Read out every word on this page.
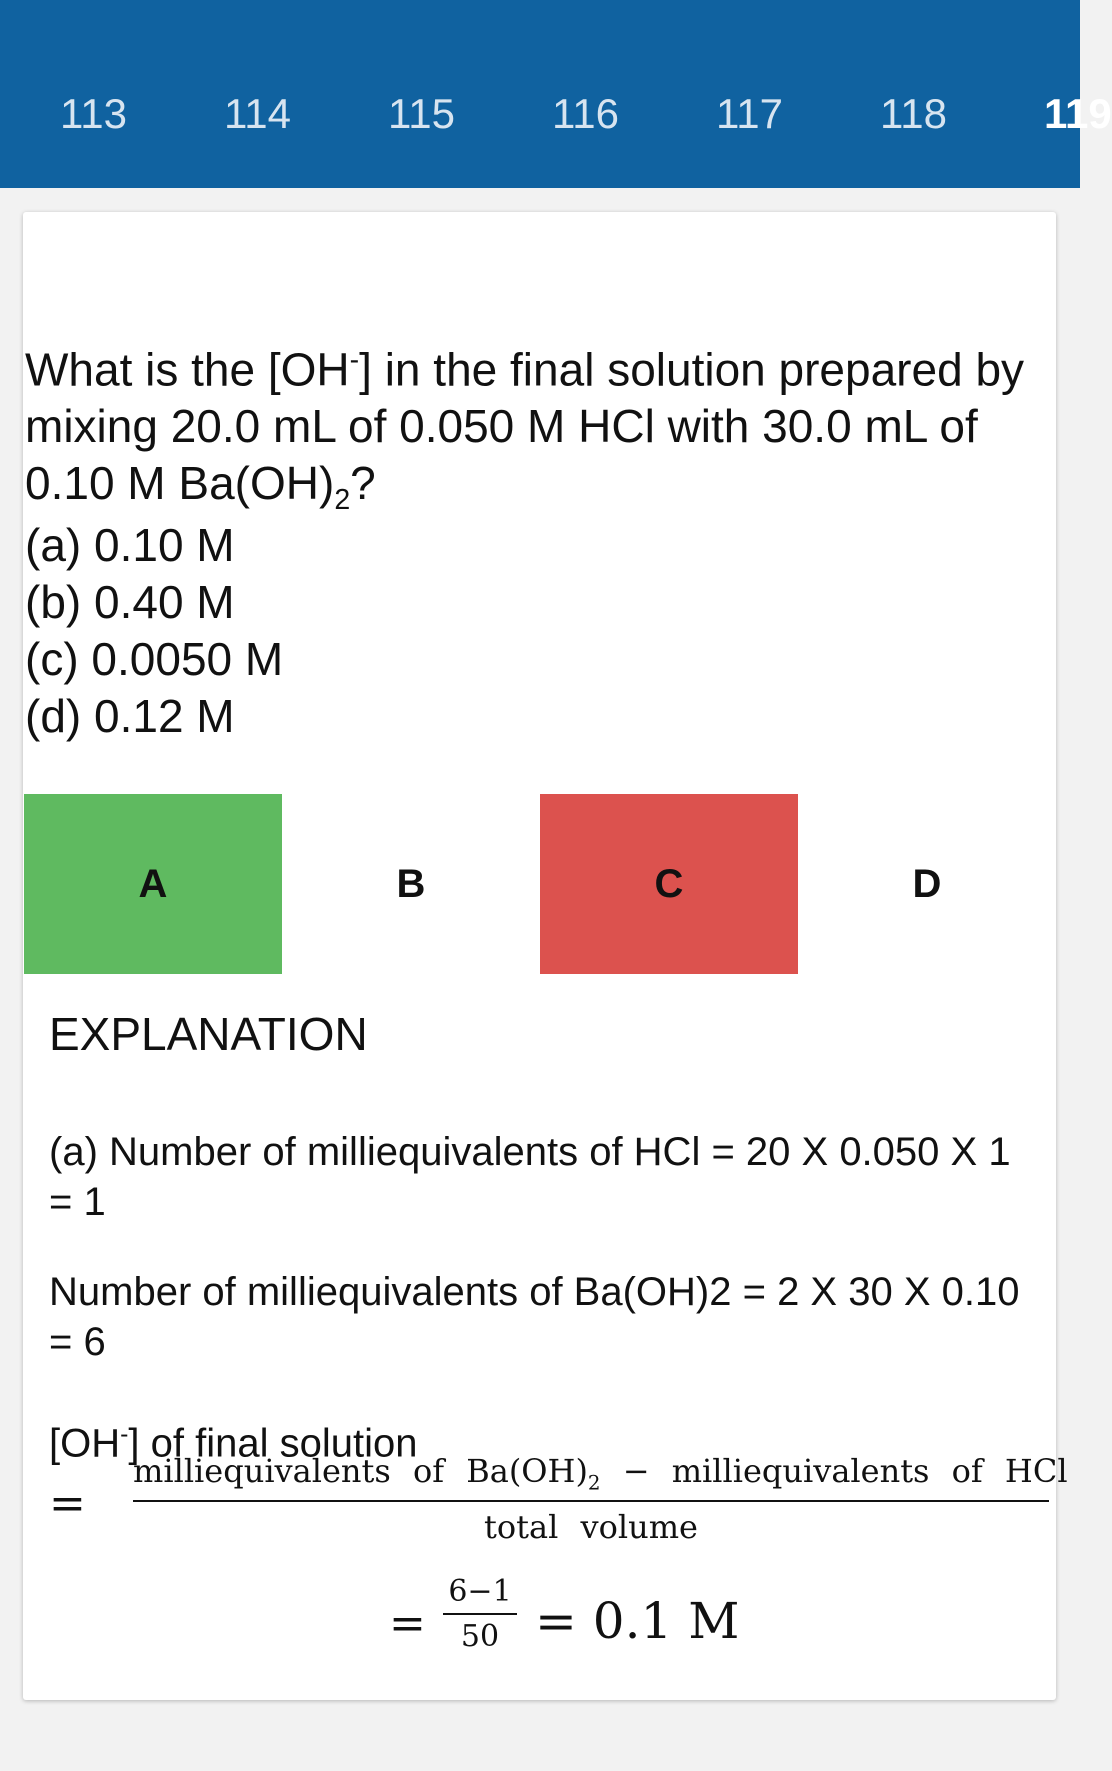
113 114 115 116 117 118 119
What is the [OH-] in the final solution prepared by mixing 20.0 mL of 0.050 M HCl with 30.0 mL of 0.10 M $Ba(OH)_2$?
(a) 0.10 M
(b) 0.40 M
(c) 0.0050 M
(d) 0.12 M
A	B	C	D
EXPLANATION
(a) Number of milliequivalents of HCl = 20 X 0.050 X 1 = 1
Number of milliequivalents of Ba(OH)2 = 2 X 30 X 0.10 = 6
[OH-] of final solution
=
milliequivalents of $Ba(OH)_2$ − milliequivalents of HCl
total volume
=
6−1
50 = 0.1 M
